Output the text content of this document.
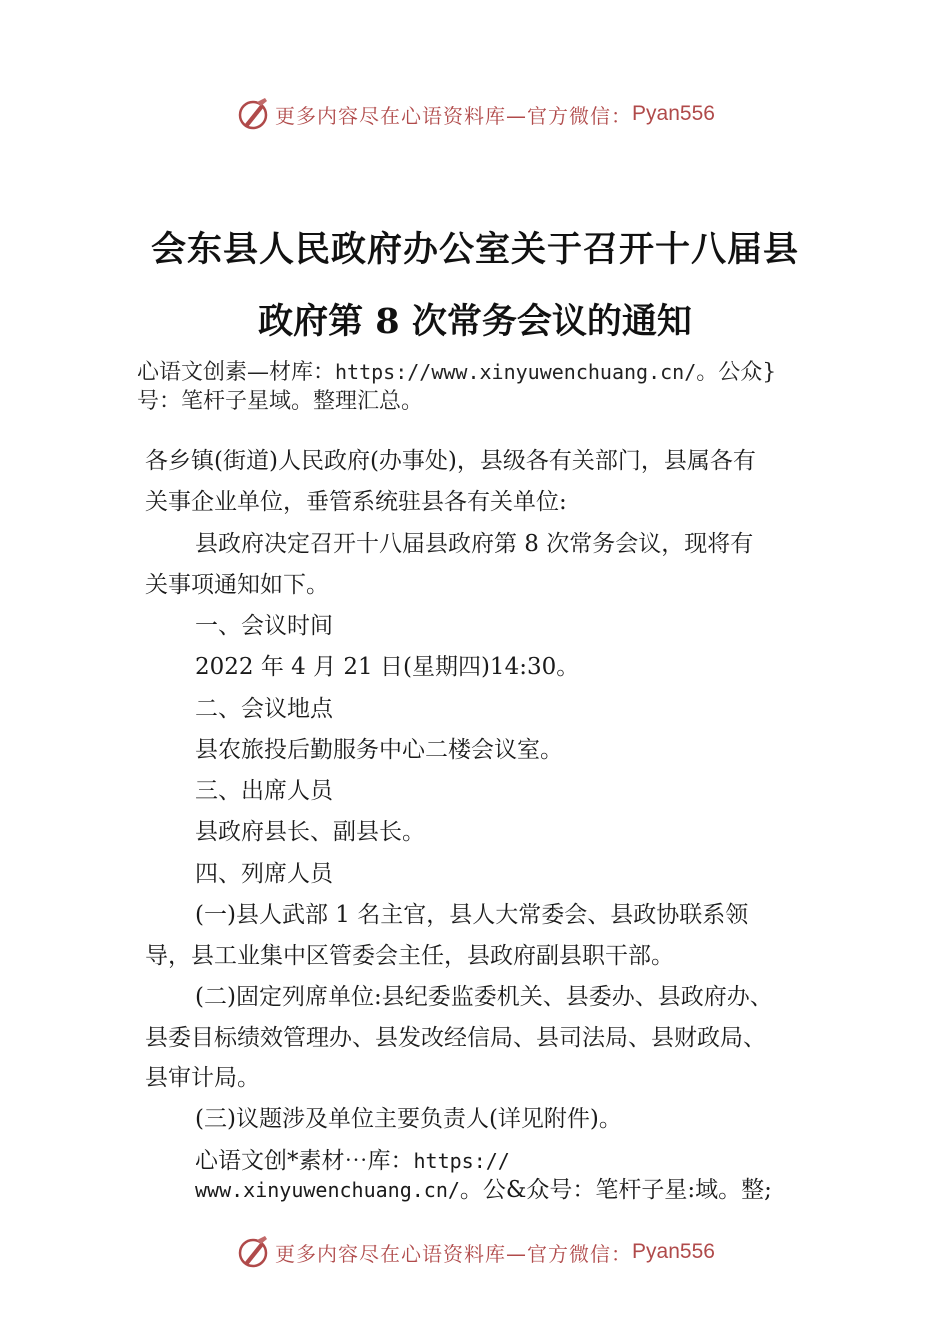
更多内容尽在心语资料库—官方微信： Pyan556
会东县人民政府办公室关于召开十八届县
政府第 8 次常务会议的通知
心语文创素—材库：https://www.xinyuwenchuang.cn/。公众}
号：笔杆子星域。整理汇总。
各乡镇(街道)人民政府(办事处)，县级各有关部门，县属各有
关事企业单位，垂管系统驻县各有关单位:
县政府决定召开十八届县政府第 8 次常务会议，现将有
关事项通知如下。
一、会议时间
2022 年 4 月 21 日(星期四)14:30。
二、会议地点
县农旅投后勤服务中心二楼会议室。
三、出席人员
县政府县长、副县长。
四、列席人员
(一)县人武部 1 名主官，县人大常委会、县政协联系领
导，县工业集中区管委会主任，县政府副县职干部。
(二)固定列席单位:县纪委监委机关、县委办、县政府办、
县委目标绩效管理办、县发改经信局、县司法局、县财政局、
县审计局。
(三)议题涉及单位主要负责人(详见附件)。
心语文创*素材⋯库：https://
www.xinyuwenchuang.cn/。公&众号：笔杆子星:域。整;
更多内容尽在心语资料库—官方微信： Pyan556
